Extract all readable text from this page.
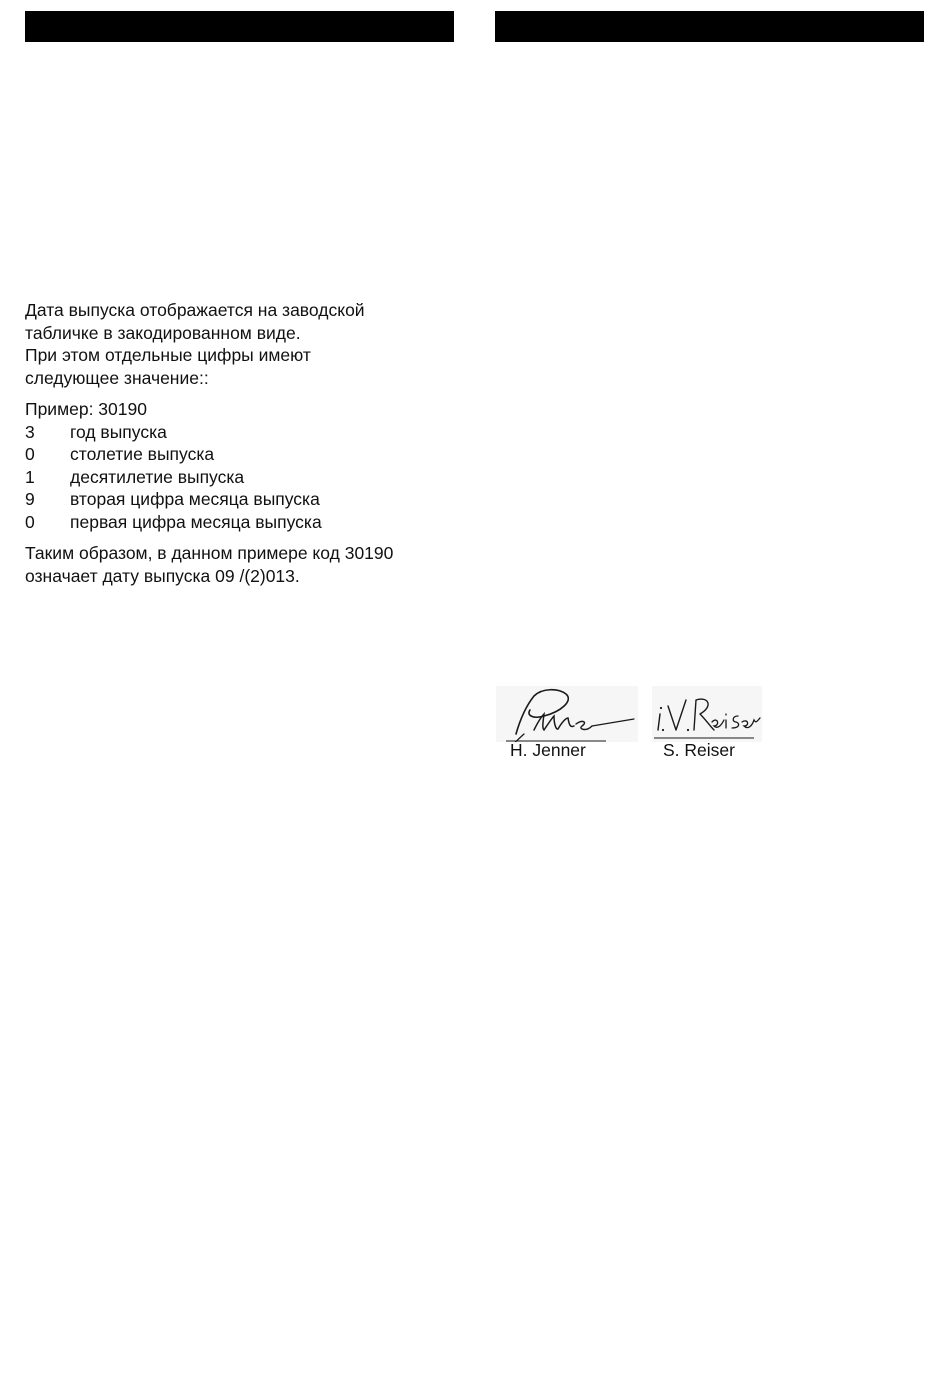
Дата выпуска отображается на заводской

табличке в закодированном виде.

При этом отдельные цифры имеют

следующее значение::

Пример: 30190

3	год выпуска
0	столетие выпуска
1	десятилетие выпуска
9	вторая цифра месяца выпуска
0	первая цифра месяца выпуска

Таким образом, в данном примере код 30190

означает дату выпуска 09 /(2)013.

H. Jenner	S. Reiser
